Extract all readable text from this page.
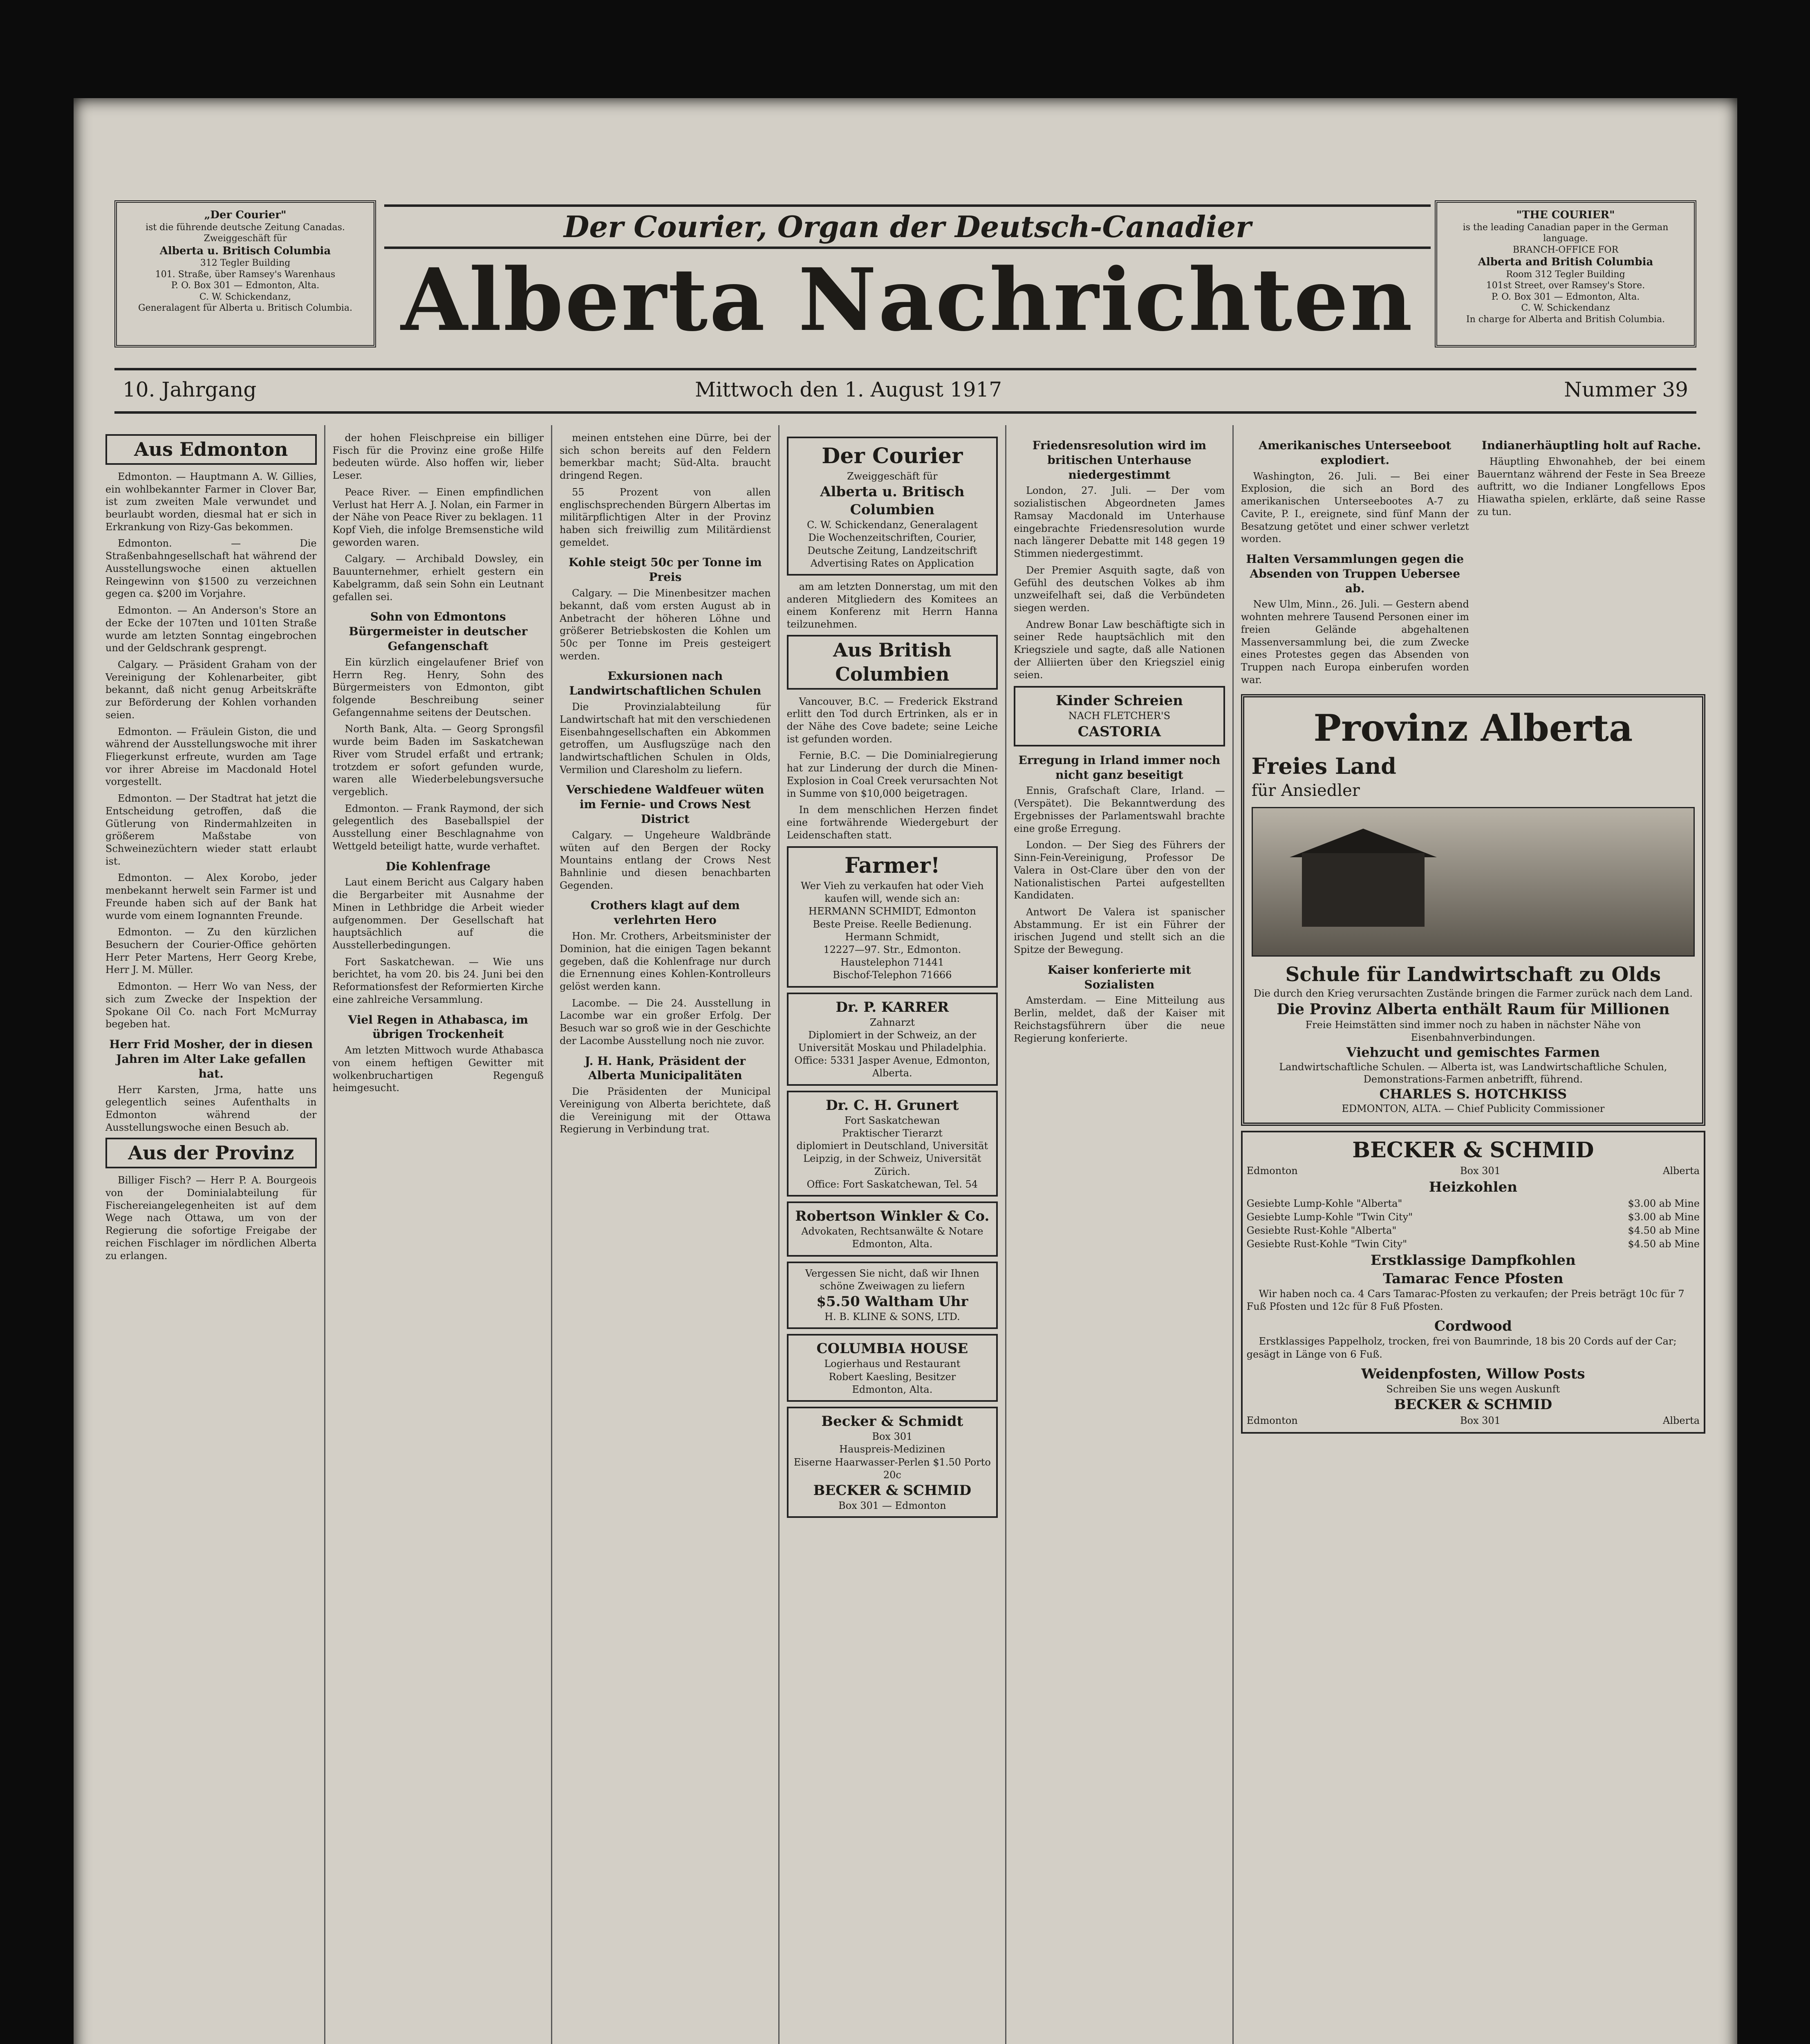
„Der Courier"
ist die führende deutsche Zeitung Canadas.
Zweiggeschäft für
Alberta u. Britisch Columbia
312 Tegler Building
101. Straße, über Ramsey's Warenhaus
P. O. Box 301 — Edmonton, Alta.
C. W. Schickendanz,
Generalagent für Alberta u. Britisch Columbia.
Der Courier, Organ der Deutsch-Canadier
Alberta Nachrichten
"THE COURIER"
is the leading Canadian paper in the German language.
BRANCH-OFFICE FOR
Alberta and British Columbia
Room 312 Tegler Building
101st Street, over Ramsey's Store.
P. O. Box 301 — Edmonton, Alta.
C. W. Schickendanz
In charge for Alberta and British Columbia.
10. Jahrgang	Mittwoch den 1. August 1917	Nummer 39
Aus Edmonton

Edmonton. — Hauptmann A. W. Gillies, ein wohlbekannter Farmer in Clover Bar, ist zum zweiten Male verwundet und beurlaubt worden, diesmal hat er sich in Erkrankung von Rizy-Gas bekommen.

Edmonton. — Die Straßenbahngesellschaft hat während der Ausstellungswoche einen aktuellen Reingewinn von $1500 zu verzeichnen gegen ca. $200 im Vorjahre.

Edmonton. — An Anderson's Store an der Ecke der 107ten und 101ten Straße wurde am letzten Sonntag eingebrochen und der Geldschrank gesprengt.

Calgary. — Präsident Graham von der Vereinigung der Kohlenarbeiter, gibt bekannt, daß nicht genug Arbeitskräfte zur Beförderung der Kohlen vorhanden seien.

Edmonton. — Fräulein Giston, die und während der Ausstellungswoche mit ihrer Fliegerkunst erfreute, wurden am Tage vor ihrer Abreise im Macdonald Hotel vorgestellt.

Edmonton. — Der Stadtrat hat jetzt die Entscheidung getroffen, daß die Gütlerung von Rindermahlzeiten in größerem Maßstabe von Schweinezüchtern wieder statt erlaubt ist.

Edmonton. — Alex Korobo, jeder menbekannt herwelt sein Farmer ist und Freunde haben sich auf der Bank hat wurde vom einem Iognannten Freunde.

Edmonton. — Zu den kürzlichen Besuchern der Courier-Office gehörten Herr Peter Martens, Herr Georg Krebe, Herr J. M. Müller.

Edmonton. — Herr Wo van Ness, der sich zum Zwecke der Inspektion der Spokane Oil Co. nach Fort McMurray begeben hat.

Herr Frid Mosher, der in diesen Jahren im Alter Lake gefallen hat.

Herr Karsten, Jrma, hatte uns gelegentlich seines Aufenthalts in Edmonton während der Ausstellungswoche einen Besuch ab.

Aus der Provinz

Billiger Fisch? — Herr P. A. Bourgeois von der Dominialabteilung für Fischereiangelegenheiten ist auf dem Wege nach Ottawa, um von der Regierung die sofortige Freigabe der reichen Fischlager im nördlichen Alberta zu erlangen.

der hohen Fleischpreise ein billiger Fisch für die Provinz eine große Hilfe bedeuten würde. Also hoffen wir, lieber Leser.

Peace River. — Einen empfindlichen Verlust hat Herr A. J. Nolan, ein Farmer in der Nähe von Peace River zu beklagen. 11 Kopf Vieh, die infolge Bremsenstiche wild geworden waren.

Calgary. — Archibald Dowsley, ein Bauunternehmer, erhielt gestern ein Kabelgramm, daß sein Sohn ein Leutnant gefallen sei.

Sohn von Edmontons Bürgermeister in deutscher Gefangenschaft

Ein kürzlich eingelaufener Brief von Herrn Reg. Henry, Sohn des Bürgermeisters von Edmonton, gibt folgende Beschreibung seiner Gefangennahme seitens der Deutschen.

North Bank, Alta. — Georg Sprongsfil wurde beim Baden im Saskatchewan River vom Strudel erfaßt und ertrank; trotzdem er sofort gefunden wurde, waren alle Wiederbelebungsversuche vergeblich.

Edmonton. — Frank Raymond, der sich gelegentlich des Baseballspiel der Ausstellung einer Beschlagnahme von Wettgeld beteiligt hatte, wurde verhaftet.

Die Kohlenfrage

Laut einem Bericht aus Calgary haben die Bergarbeiter mit Ausnahme der Minen in Lethbridge die Arbeit wieder aufgenommen. Der Gesellschaft hat hauptsächlich auf die Ausstellerbedingungen.

Fort Saskatchewan. — Wie uns berichtet, ha vom 20. bis 24. Juni bei den Reformationsfest der Reformierten Kirche eine zahlreiche Versammlung.

Viel Regen in Athabasca, im übrigen Trockenheit

Am letzten Mittwoch wurde Athabasca von einem heftigen Gewitter mit wolkenbruchartigen Regenguß heimgesucht.

meinen entstehen eine Dürre, bei der sich schon bereits auf den Feldern bemerkbar macht; Süd-Alta. braucht dringend Regen.

55 Prozent von allen englischsprechenden Bürgern Albertas im militärpflichtigen Alter in der Provinz haben sich freiwillig zum Militärdienst gemeldet.

Kohle steigt 50c per Tonne im Preis

Calgary. — Die Minenbesitzer machen bekannt, daß vom ersten August ab in Anbetracht der höheren Löhne und größerer Betriebskosten die Kohlen um 50c per Tonne im Preis gesteigert werden.

Exkursionen nach Landwirtschaftlichen Schulen

Die Provinzialabteilung für Landwirtschaft hat mit den verschiedenen Eisenbahngesellschaften ein Abkommen getroffen, um Ausflugszüge nach den landwirtschaftlichen Schulen in Olds, Vermilion und Claresholm zu liefern.

Verschiedene Waldfeuer wüten im Fernie- und Crows Nest District

Calgary. — Ungeheure Waldbrände wüten auf den Bergen der Rocky Mountains entlang der Crows Nest Bahnlinie und diesen benachbarten Gegenden.

Crothers klagt auf dem verlehrten Hero

Hon. Mr. Crothers, Arbeitsminister der Dominion, hat die einigen Tagen bekannt gegeben, daß die Kohlenfrage nur durch die Ernennung eines Kohlen-Kontrolleurs gelöst werden kann.

Lacombe. — Die 24. Ausstellung in Lacombe war ein großer Erfolg. Der Besuch war so groß wie in der Geschichte der Lacombe Ausstellung noch nie zuvor.

J. H. Hank, Präsident der Alberta Municipalitäten

Die Präsidenten der Municipal Vereinigung von Alberta berichtete, daß die Vereinigung mit der Ottawa Regierung in Verbindung trat.

Der Courier
Zweiggeschäft für
Alberta u. Britisch Columbien
C. W. Schickendanz, Generalagent
Die Wochenzeitschriften, Courier, Deutsche Zeitung, Landzeitschrift
Advertising Rates on Application

am am letzten Donnerstag, um mit den anderen Mitgliedern des Komitees an einem Konferenz mit Herrn Hanna teilzunehmen.

Aus British Columbien

Vancouver, B.C. — Frederick Ekstrand erlitt den Tod durch Ertrinken, als er in der Nähe des Cove badete; seine Leiche ist gefunden worden.

Fernie, B.C. — Die Dominialregierung hat zur Linderung der durch die Minen-Explosion in Coal Creek verursachten Not in Summe von $10,000 beigetragen.

In dem menschlichen Herzen findet eine fortwährende Wiedergeburt der Leidenschaften statt.

Farmer!
Wer Vieh zu verkaufen hat oder Vieh kaufen will, wende sich an:
HERMANN SCHMIDT, Edmonton
Beste Preise. Reelle Bedienung.
Hermann Schmidt,
12227—97. Str., Edmonton.
Haustelephon 71441
Bischof-Telephon 71666
Dr. P. KARRER
Zahnarzt
Diplomiert in der Schweiz, an der Universität Moskau und Philadelphia.
Office: 5331 Jasper Avenue, Edmonton, Alberta.
Dr. C. H. Grunert
Fort Saskatchewan
Praktischer Tierarzt
diplomiert in Deutschland, Universität Leipzig, in der Schweiz, Universität Zürich.
Office: Fort Saskatchewan, Tel. 54
Robertson Winkler & Co.
Advokaten, Rechtsanwälte & Notare
Edmonton, Alta.
Vergessen Sie nicht, daß wir Ihnen schöne Zweiwagen zu liefern
$5.50 Waltham Uhr
H. B. KLINE & SONS, LTD.
COLUMBIA HOUSE
Logierhaus und Restaurant
Robert Kaesling, Besitzer
Edmonton, Alta.
Becker & Schmidt
Box 301
Hauspreis-Medizinen
Eiserne Haarwasser-Perlen $1.50 Porto 20c
BECKER & SCHMID
Box 301 — Edmonton
Friedensresolution wird im britischen Unterhause niedergestimmt

London, 27. Juli. — Der vom sozialistischen Abgeordneten James Ramsay Macdonald im Unterhause eingebrachte Friedensresolution wurde nach längerer Debatte mit 148 gegen 19 Stimmen niedergestimmt.

Der Premier Asquith sagte, daß von Gefühl des deutschen Volkes ab ihm unzweifelhaft sei, daß die Verbündeten siegen werden.

Andrew Bonar Law beschäftigte sich in seiner Rede hauptsächlich mit den Kriegsziele und sagte, daß alle Nationen der Alliierten über den Kriegsziel einig seien.

Kinder Schreien
NACH FLETCHER'S
CASTORIA
Erregung in Irland immer noch nicht ganz beseitigt

Ennis, Grafschaft Clare, Irland. — (Verspätet). Die Bekanntwerdung des Ergebnisses der Parlamentswahl brachte eine große Erregung.

London. — Der Sieg des Führers der Sinn-Fein-Vereinigung, Professor De Valera in Ost-Clare über den von der Nationalistischen Partei aufgestellten Kandidaten.

Antwort De Valera ist spanischer Abstammung. Er ist ein Führer der irischen Jugend und stellt sich an die Spitze der Bewegung.

Kaiser konferierte mit Sozialisten

Amsterdam. — Eine Mitteilung aus Berlin, meldet, daß der Kaiser mit Reichstagsführern über die neue Regierung konferierte.

Amerikanisches Unterseeboot explodiert.

Washington, 26. Juli. — Bei einer Explosion, die sich an Bord des amerikanischen Unterseebootes A-7 zu Cavite, P. I., ereignete, sind fünf Mann der Besatzung getötet und einer schwer verletzt worden.

Halten Versammlungen gegen die Absenden von Truppen Uebersee ab.

New Ulm, Minn., 26. Juli. — Gestern abend wohnten mehrere Tausend Personen einer im freien Gelände abgehaltenen Massenversammlung bei, die zum Zwecke eines Protestes gegen das Absenden von Truppen nach Europa einberufen worden war.

Indianerhäuptling holt auf Rache.

Häuptling Ehwonahheb, der bei einem Bauerntanz während der Feste in Sea Breeze auftritt, wo die Indianer Longfellows Epos Hiawatha spielen, erklärte, daß seine Rasse zu tun.

Provinz Alberta
Freies Land
für Ansiedler
Schule für Landwirtschaft zu Olds
Die durch den Krieg verursachten Zustände bringen die Farmer zurück nach dem Land.
Die Provinz Alberta enthält Raum für Millionen
Freie Heimstätten sind immer noch zu haben in nächster Nähe von Eisenbahnverbindungen.
Viehzucht und gemischtes Farmen
Landwirtschaftliche Schulen. — Alberta ist, was Landwirtschaftliche Schulen, Demonstrations-Farmen anbetrifft, führend.
CHARLES S. HOTCHKISS
EDMONTON, ALTA. — Chief Publicity Commissioner
BECKER & SCHMID
Edmonton	Box 301	Alberta
Heizkohlen
Gesiebte Lump-Kohle "Alberta"	$3.00 ab Mine
Gesiebte Lump-Kohle "Twin City"	$3.00 ab Mine
Gesiebte Rust-Kohle "Alberta"	$4.50 ab Mine
Gesiebte Rust-Kohle "Twin City"	$4.50 ab Mine
Erstklassige Dampfkohlen
Tamarac Fence Pfosten

Wir haben noch ca. 4 Cars Tamarac-Pfosten zu verkaufen; der Preis beträgt 10c für 7 Fuß Pfosten und 12c für 8 Fuß Pfosten.

Cordwood

Erstklassiges Pappelholz, trocken, frei von Baumrinde, 18 bis 20 Cords auf der Car; gesägt in Länge von 6 Fuß.

Weidenpfosten, Willow Posts
Schreiben Sie uns wegen Auskunft
BECKER & SCHMID
Edmonton	Box 301	Alberta
